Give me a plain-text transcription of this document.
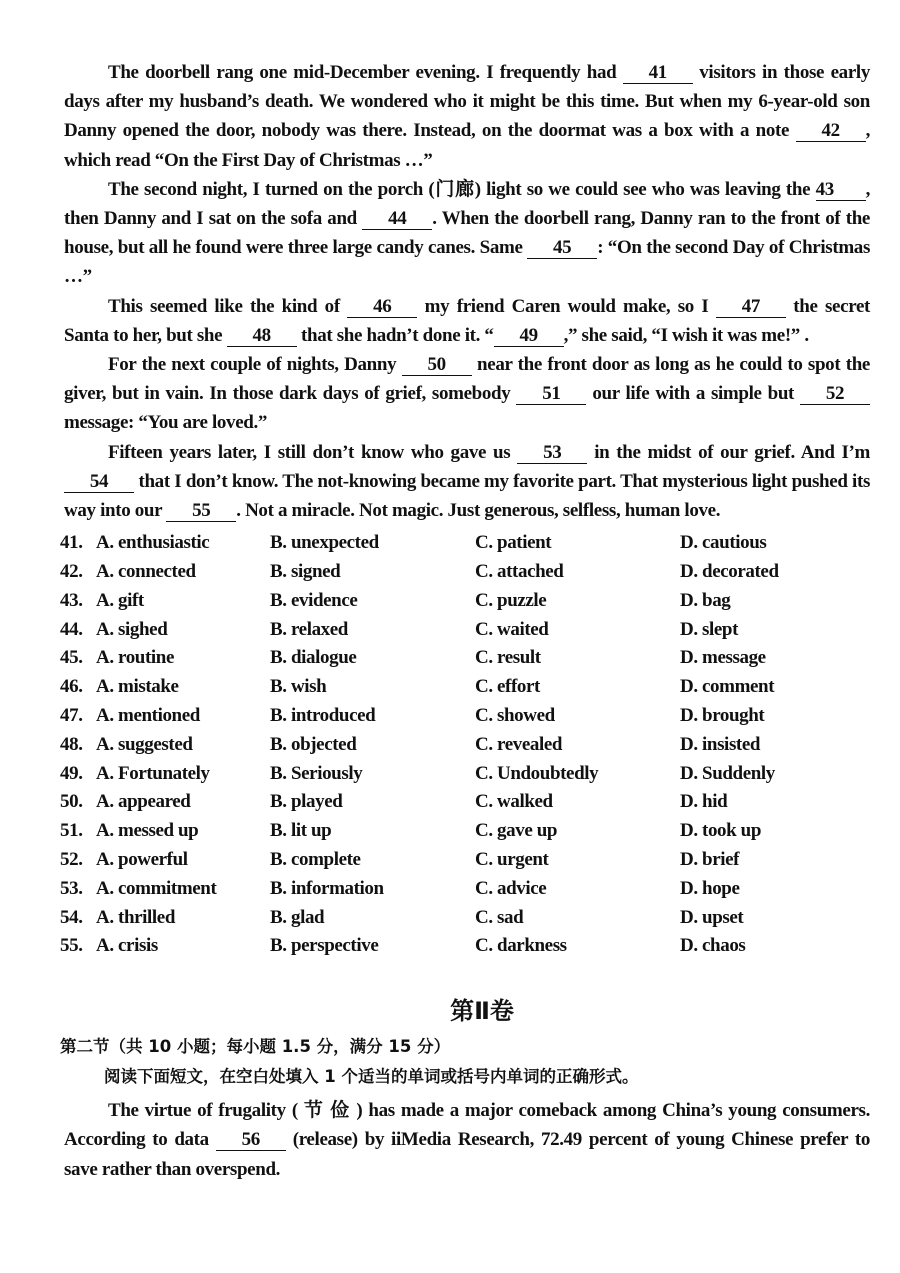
The doorbell rang one mid-December evening. I frequently had 41 visitors in those early days after my husband’s death. We wondered who it might be this time. But when my 6-year-old son Danny opened the door, nobody was there. Instead, on the doormat was a box with a note 42 , which read “On the First Day of Christmas …”

The second night, I turned on the porch (门廊) light so we could see who was leaving the 43 , then Danny and I sat on the sofa and 44 . When the doorbell rang, Danny ran to the front of the house, but all he found were three large candy canes. Same 45 : “On the second Day of Christmas …”

This seemed like the kind of 46 my friend Caren would make, so I 47 the secret Santa to her, but she 48 that she hadn’t done it. “ 49 ,” she said, “I wish it was me!” .

For the next couple of nights, Danny 50 near the front door as long as he could to spot the giver, but in vain. In those dark days of grief, somebody 51 our life with a simple but 52 message: “You are loved.”

Fifteen years later, I still don’t know who gave us 53 in the midst of our grief. And I’m 54 that I don’t know. The not-knowing became my favorite part. That mysterious light pushed its way into our 55 . Not a miracle. Not magic. Just generous, selfless, human love.

41. A. enthusiastic	B. unexpected	C. patient	D. cautious
42. A. connected	B. signed	C. attached	D. decorated
43. A. gift	B. evidence	C. puzzle	D. bag
44. A. sighed	B. relaxed	C. waited	D. slept
45. A. routine	B. dialogue	C. result	D. message
46. A. mistake	B. wish	C. effort	D. comment
47. A. mentioned	B. introduced	C. showed	D. brought
48. A. suggested	B. objected	C. revealed	D. insisted
49. A. Fortunately	B. Seriously	C. Undoubtedly	D. Suddenly
50. A. appeared	B. played	C. walked	D. hid
51. A. messed up	B. lit up	C. gave up	D. took up
52. A. powerful	B. complete	C. urgent	D. brief
53. A. commitment	B. information	C. advice	D. hope
54. A. thrilled	B. glad	C. sad	D. upset
55. A. crisis	B. perspective	C. darkness	D. chaos
第Ⅱ卷
第二节（共 10 小题；每小题 1.5 分，满分 15 分）
阅读下面短文，在空白处填入 1 个适当的单词或括号内单词的正确形式。

The virtue of frugality ( 节 俭 ) has made a major comeback among China’s young consumers. According to data 56 (release) by iiMedia Research, 72.49 percent of young Chinese prefer to save rather than overspend.
